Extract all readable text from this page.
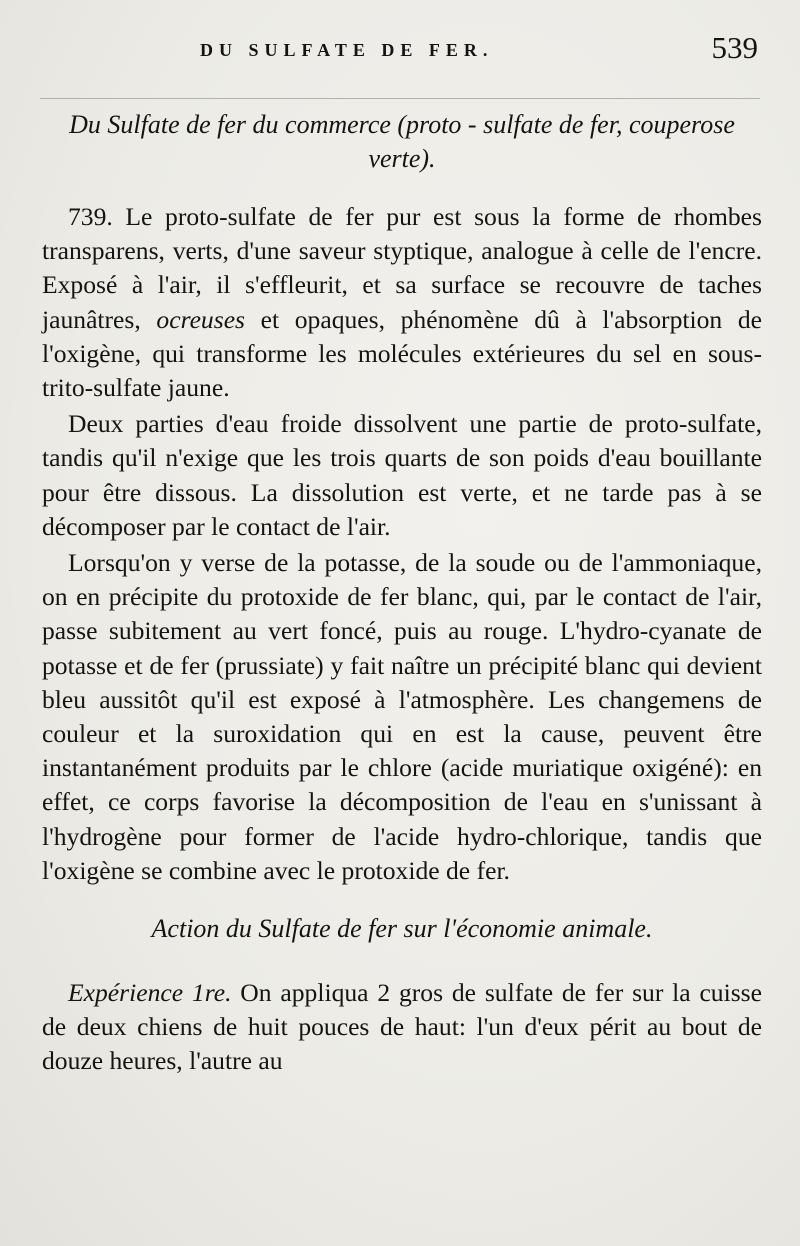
DU SULFATE DE FER.	539
Du Sulfate de fer du commerce (proto - sulfate de fer, couperose verte).

739. Le proto-sulfate de fer pur est sous la forme de rhombes transparens, verts, d'une saveur styptique, analogue à celle de l'encre. Exposé à l'air, il s'effleurit, et sa surface se recouvre de taches jaunâtres, ocreuses et opaques, phénomène dû à l'absorption de l'oxigène, qui transforme les molécules extérieures du sel en sous-trito-sulfate jaune.

Deux parties d'eau froide dissolvent une partie de proto-sulfate, tandis qu'il n'exige que les trois quarts de son poids d'eau bouillante pour être dissous. La dissolution est verte, et ne tarde pas à se décomposer par le contact de l'air.

Lorsqu'on y verse de la potasse, de la soude ou de l'ammoniaque, on en précipite du protoxide de fer blanc, qui, par le contact de l'air, passe subitement au vert foncé, puis au rouge. L'hydro-cyanate de potasse et de fer (prussiate) y fait naître un précipité blanc qui devient bleu aussitôt qu'il est exposé à l'atmosphère. Les changemens de couleur et la suroxidation qui en est la cause, peuvent être instantanément produits par le chlore (acide muriatique oxigéné): en effet, ce corps favorise la décomposition de l'eau en s'unissant à l'hydrogène pour former de l'acide hydro-chlorique, tandis que l'oxigène se combine avec le protoxide de fer.

Action du Sulfate de fer sur l'économie animale.

Expérience 1re. On appliqua 2 gros de sulfate de fer sur la cuisse de deux chiens de huit pouces de haut: l'un d'eux périt au bout de douze heures, l'autre au
